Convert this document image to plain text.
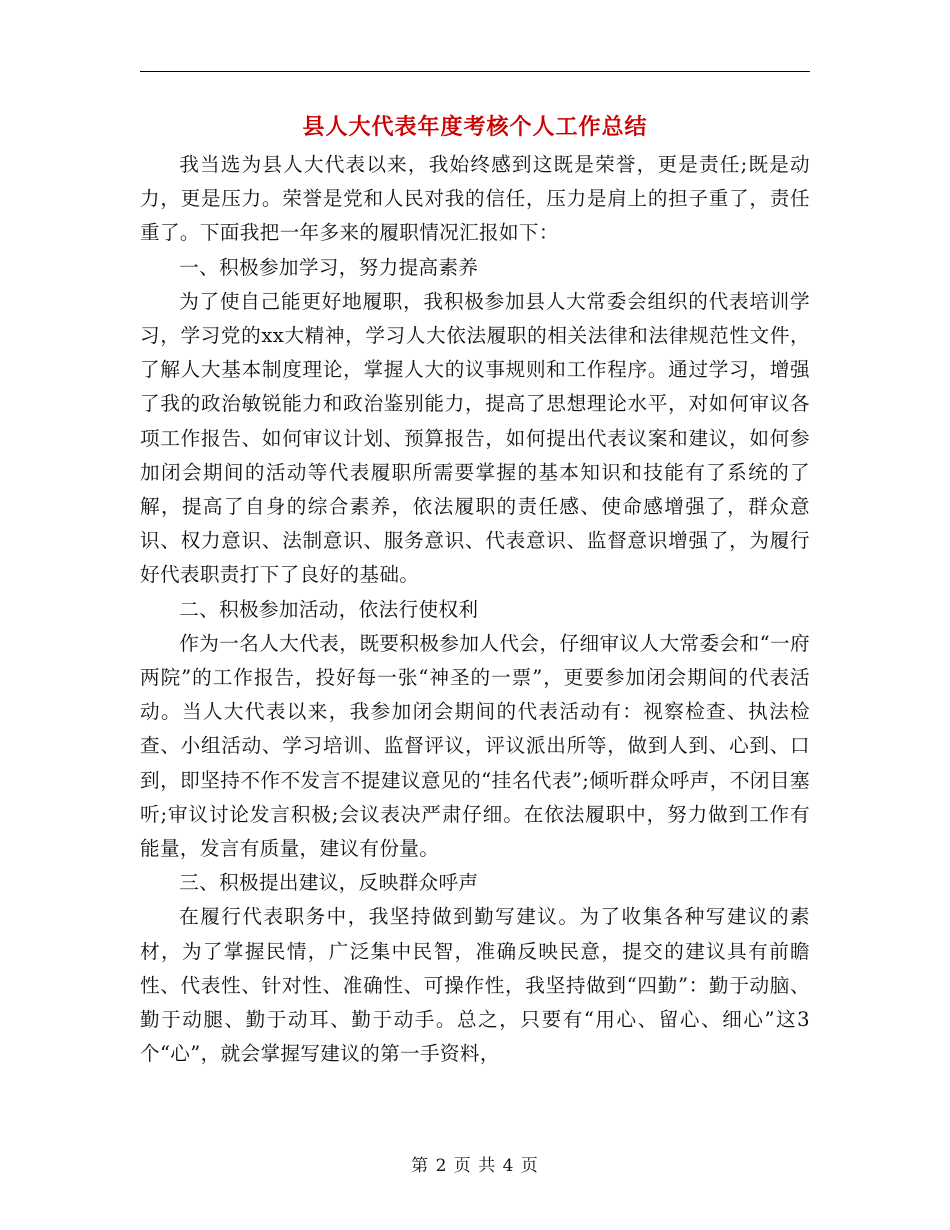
县人大代表年度考核个人工作总结

我当选为县人大代表以来，我始终感到这既是荣誉，更是责任;既是动力，更是压力。荣誉是党和人民对我的信任，压力是肩上的担子重了，责任重了。下面我把一年多来的履职情况汇报如下：

一、积极参加学习，努力提高素养

为了使自己能更好地履职，我积极参加县人大常委会组织的代表培训学习，学习党的xx大精神，学习人大依法履职的相关法律和法律规范性文件，了解人大基本制度理论，掌握人大的议事规则和工作程序。通过学习，增强了我的政治敏锐能力和政治鉴别能力，提高了思想理论水平，对如何审议各项工作报告、如何审议计划、预算报告，如何提出代表议案和建议，如何参加闭会期间的活动等代表履职所需要掌握的基本知识和技能有了系统的了解，提高了自身的综合素养，依法履职的责任感、使命感增强了，群众意识、权力意识、法制意识、服务意识、代表意识、监督意识增强了，为履行好代表职责打下了良好的基础。

二、积极参加活动，依法行使权利

作为一名人大代表，既要积极参加人代会，仔细审议人大常委会和“一府两院”的工作报告，投好每一张“神圣的一票”，更要参加闭会期间的代表活动。当人大代表以来，我参加闭会期间的代表活动有：视察检查、执法检查、小组活动、学习培训、监督评议，评议派出所等，做到人到、心到、口到，即坚持不作不发言不提建议意见的“挂名代表”;倾听群众呼声，不闭目塞听;审议讨论发言积极;会议表决严肃仔细。在依法履职中，努力做到工作有能量，发言有质量，建议有份量。

三、积极提出建议，反映群众呼声

在履行代表职务中，我坚持做到勤写建议。为了收集各种写建议的素材，为了掌握民情，广泛集中民智，准确反映民意，提交的建议具有前瞻性、代表性、针对性、准确性、可操作性，我坚持做到“四勤”：勤于动脑、勤于动腿、勤于动耳、勤于动手。总之，只要有“用心、留心、细心”这3个“心”，就会掌握写建议的第一手资料，

第 2 页 共 4 页
